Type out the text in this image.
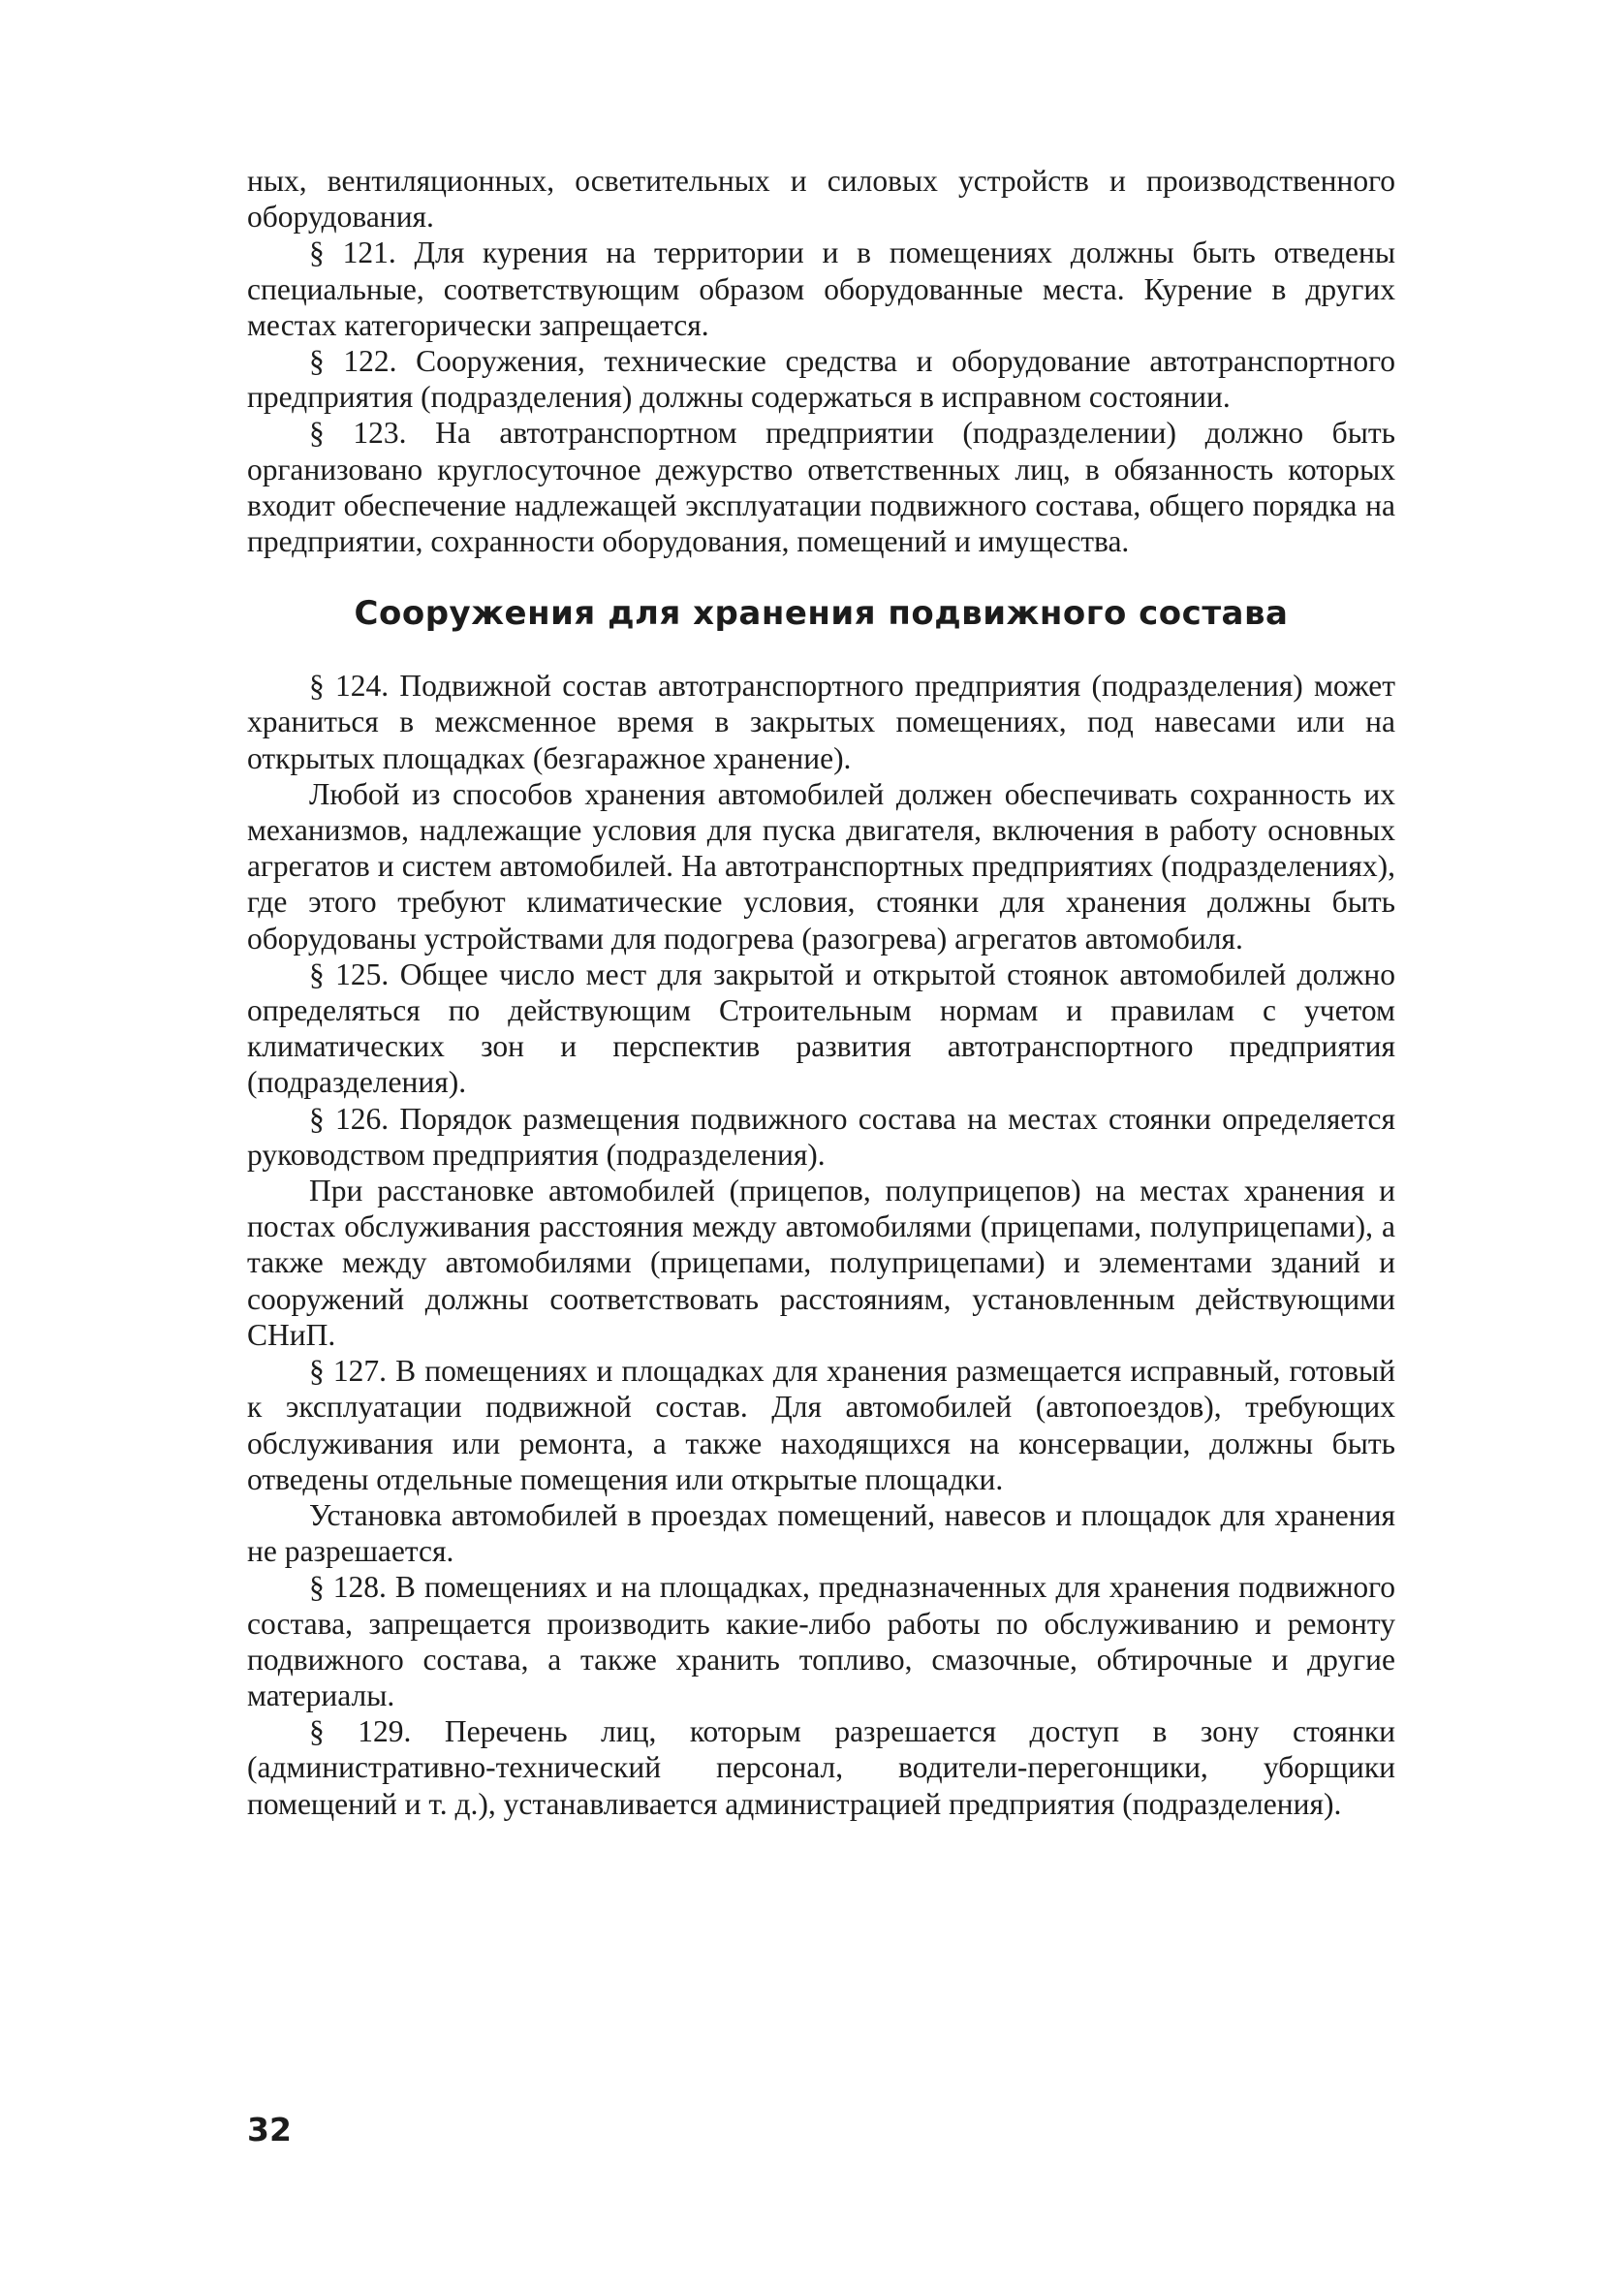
ных, вентиляционных, осветительных и силовых устройств и производственного оборудования.

§ 121. Для курения на территории и в помещениях должны быть отведены специальные, соответствующим образом оборудованные места. Курение в других местах категорически запрещается.

§ 122. Сооружения, технические средства и оборудование автотранспортного предприятия (подразделения) должны содержаться в исправном состоянии.

§ 123. На автотранспортном предприятии (подразделении) должно быть организовано круглосуточное дежурство ответственных лиц, в обязанность которых входит обеспечение надлежащей эксплуатации подвижного состава, общего порядка на предприятии, сохранности оборудования, помещений и имущества.

Сооружения для хранения подвижного состава

§ 124. Подвижной состав автотранспортного предприятия (подразделения) может храниться в межсменное время в закрытых помещениях, под навесами или на открытых площадках (безгаражное хранение).

Любой из способов хранения автомобилей должен обеспечивать сохранность их механизмов, надлежащие условия для пуска двигателя, включения в работу основных агрегатов и систем автомобилей. На автотранспортных предприятиях (подразделениях), где этого требуют климатические условия, стоянки для хранения должны быть оборудованы устройствами для подогрева (разогрева) агрегатов автомобиля.

§ 125. Общее число мест для закрытой и открытой стоянок автомобилей должно определяться по действующим Строительным нормам и правилам с учетом климатических зон и перспектив развития автотранспортного предприятия (подразделения).

§ 126. Порядок размещения подвижного состава на местах стоянки определяется руководством предприятия (подразделения).

При расстановке автомобилей (прицепов, полуприцепов) на местах хранения и постах обслуживания расстояния между автомобилями (прицепами, полуприцепами), а также между автомобилями (прицепами, полуприцепами) и элементами зданий и сооружений должны соответствовать расстояниям, установленным действующими СНиП.

§ 127. В помещениях и площадках для хранения размещается исправный, готовый к эксплуатации подвижной состав. Для автомобилей (автопоездов), требующих обслуживания или ремонта, а также находящихся на консервации, должны быть отведены отдельные помещения или открытые площадки.

Установка автомобилей в проездах помещений, навесов и площадок для хранения не разрешается.

§ 128. В помещениях и на площадках, предназначенных для хранения подвижного состава, запрещается производить какие-либо работы по обслуживанию и ремонту подвижного состава, а также хранить топливо, смазочные, обтирочные и другие материалы.

§ 129. Перечень лиц, которым разрешается доступ в зону стоянки (административно-технический персонал, водители-перегонщики, уборщики помещений и т. д.), устанавливается администрацией предприятия (подразделения).

32
